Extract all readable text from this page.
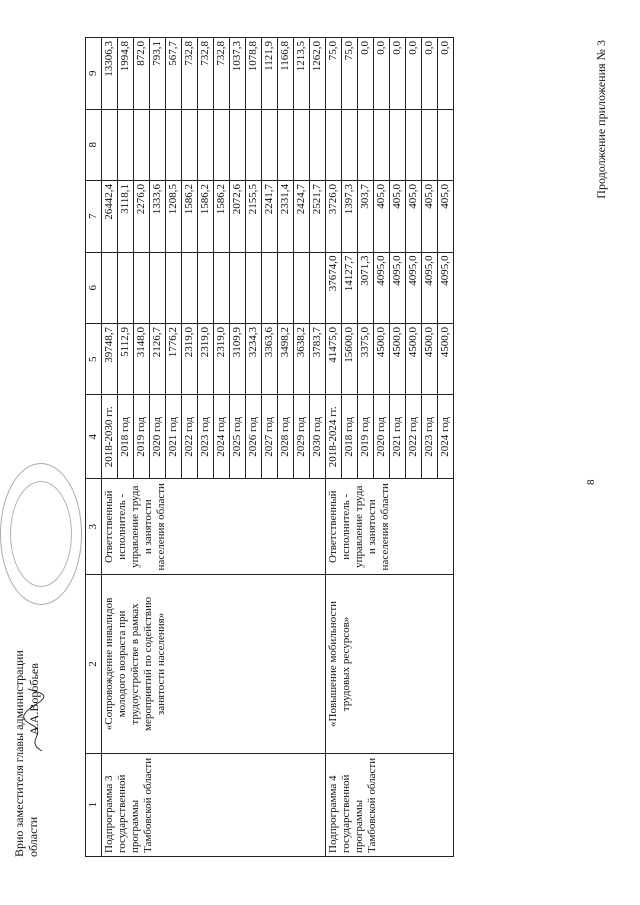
8
Продолжение приложения № 3
1	2	3	4	5	6	7	8	9
Подпрограмма 3 государственной программы Тамбовской области	«Сопровождение инвалидов молодого возраста при трудоустройстве в рамках мероприятий по содействию занятости населения»	Ответственный исполнитель - управление труда и занятости населения области	2018-2030 гг.	39748,7		26442,4		13306,3
			2018 год	5112,9		3118,1		1994,8
			2019 год	3148,0		2276,0		872,0
			2020 год	2126,7		1333,6		793,1
			2021 год	1776,2		1208,5		567,7
			2022 год	2319,0		1586,2		732,8
			2023 год	2319,0		1586,2		732,8
			2024 год	2319,0		1586,2		732,8
			2025 год	3109,9		2072,6		1037,3
			2026 год	3234,3		2155,5		1078,8
			2027 год	3363,6		2241,7		1121,9
			2028 год	3498,2		2331,4		1166,8
			2029 год	3638,2		2424,7		1213,5
			2030 год	3783,7		2521,7		1262,0
Подпрограмма 4 государственной программы Тамбовской области	«Повышение мобильности трудовых ресурсов»	Ответственный исполнитель - управление труда и занятости населения области	2018-2024 гг.	41475,0	37674,0	3726,0		75,0
			2018 год	15600,0	14127,7	1397,3		75,0
			2019 год	3375,0	3071,3	303,7		0,0
			2020 год	4500,0	4095,0	405,0		0,0
			2021 год	4500,0	4095,0	405,0		0,0
			2022 год	4500,0	4095,0	405,0		0,0
			2023 год	4500,0	4095,0	405,0		0,0
			2024 год	4500,0	4095,0	405,0		0,0
Врио заместителя главы администрации области
А.А.Воробьев
